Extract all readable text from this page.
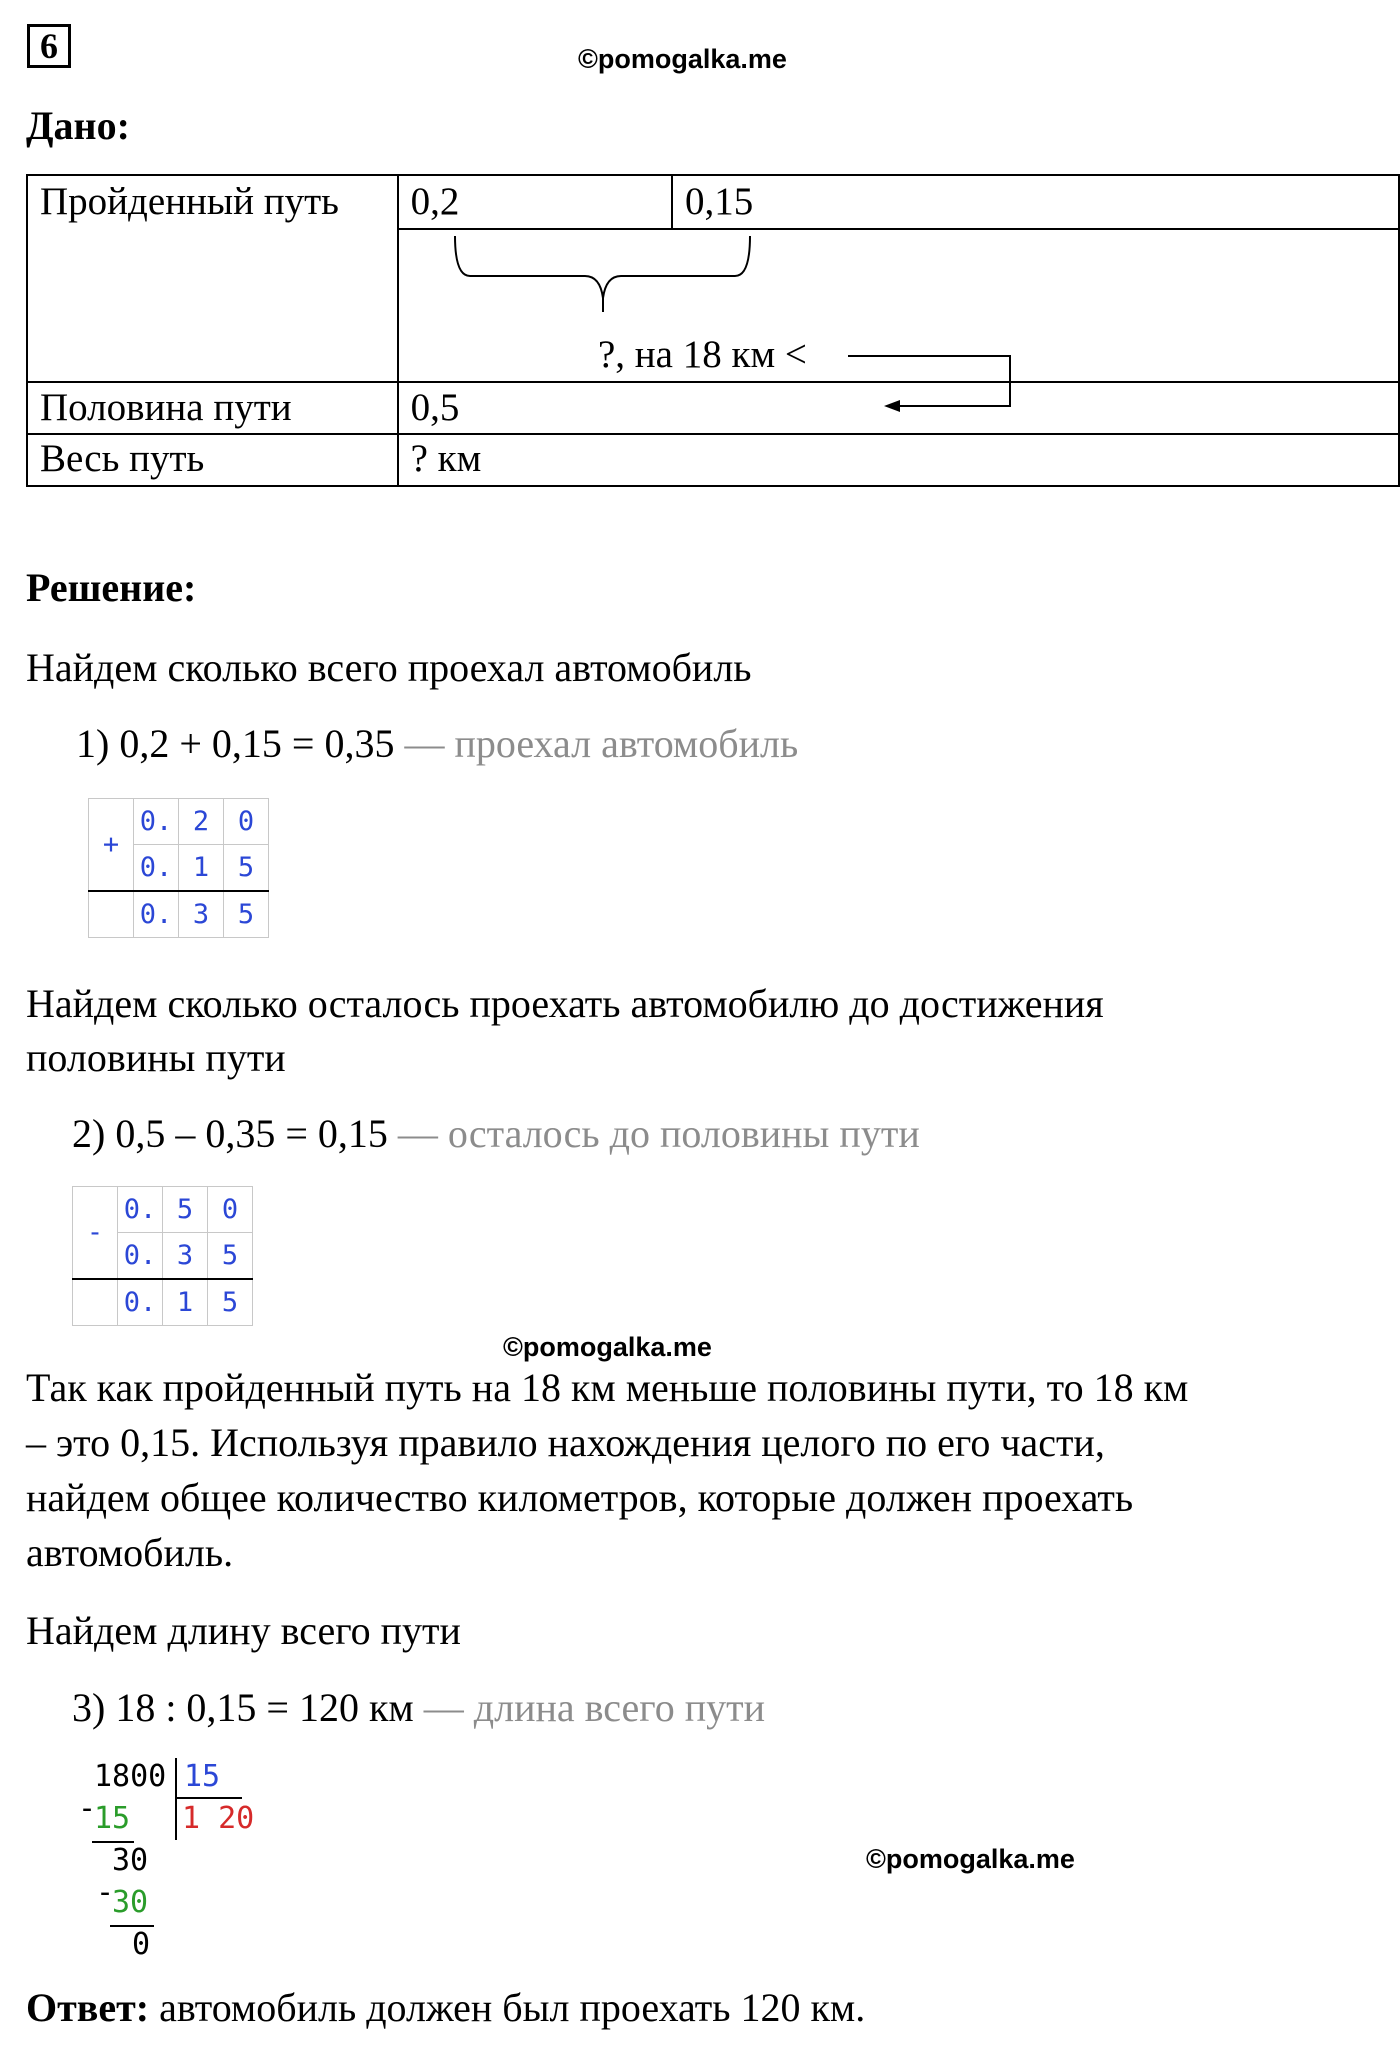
6	©pomogalka.me
Дано:
Пройденный путь	0,2	0,15

Половина пути	0,5	
Весь путь	? км	
?, на 18 км <
Решение:
Найдем сколько всего проехал автомобиль
1) 0,2 + 0,15 = 0,35 — проехал автомобиль
+	0.	2	0
	0.	1	5
	0.	3	5
Найдем сколько осталось проехать автомобилю до достижения
половины пути
2) 0,5 – 0,35 = 0,15 — осталось до половины пути
-	0.	5	0
	0.	3	5
	0.	1	5
©pomogalka.me
Так как пройденный путь на 18 км меньше половины пути, то 18 км
– это 0,15. Используя правило нахождения целого по его части,
найдем общее количество километров, которые должен проехать
автомобиль.
Найдем длину всего пути
3) 18 : 0,15 = 120 км — длина всего пути
1800 15
-
15 1 20
30
-
30
0
©pomogalka.me
Ответ: автомобиль должен был проехать 120 км.
